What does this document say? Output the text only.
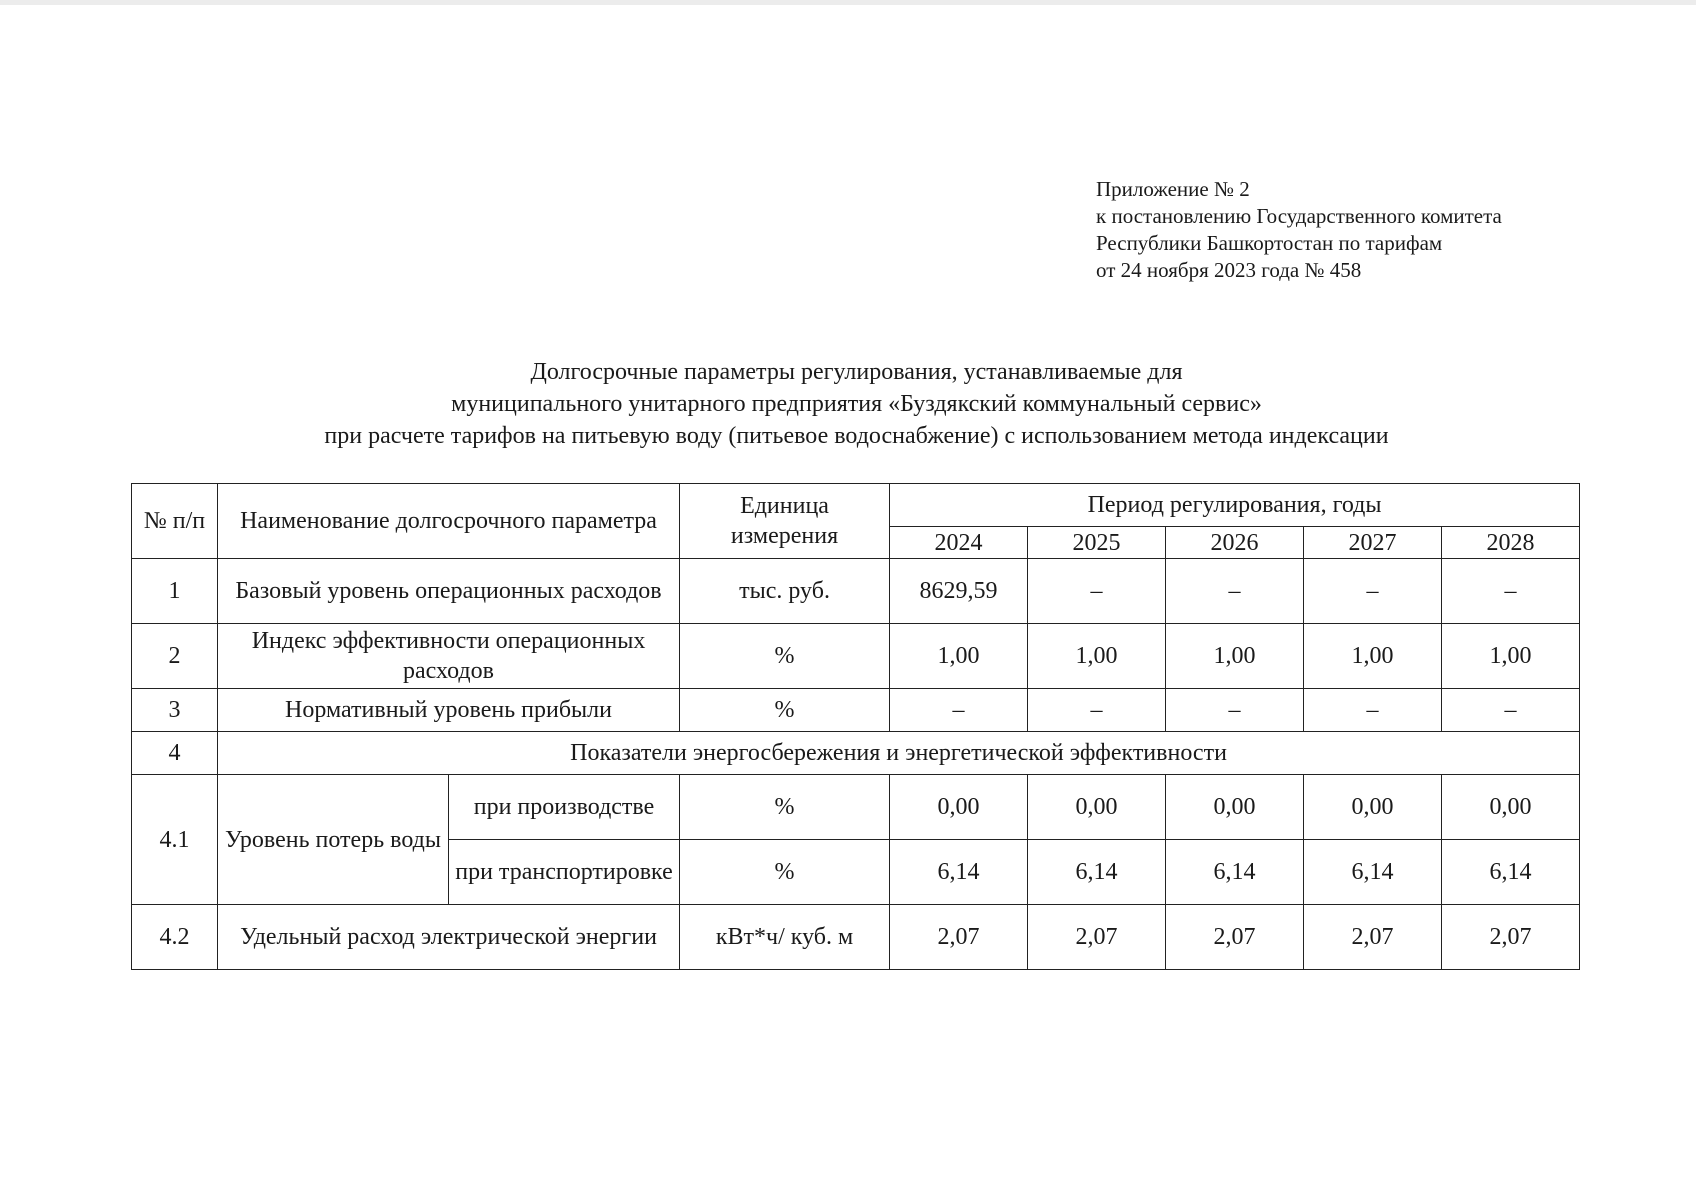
Приложение № 2
к постановлению Государственного комитета
Республики Башкортостан по тарифам
от 24 ноября 2023 года № 458
Долгосрочные параметры регулирования, устанавливаемые для
муниципального унитарного предприятия «Буздякский коммунальный сервис»
при расчете тарифов на питьевую воду (питьевое водоснабжение) с использованием метода индексации
№ п/п	Наименование долгосрочного параметра		Единица измерения	Период регулирования, годы				
				2024	2025	2026	2027	2028
1	Базовый уровень операционных расходов		тыс. руб.	8629,59	–	–	–	–
2	Индекс эффективности операционных расходов		%	1,00	1,00	1,00	1,00	1,00
3	Нормативный уровень прибыли		%	–	–	–	–	–
4	Показатели энергосбережения и энергетической эффективности							
4.1	Уровень потерь воды	при производстве	%	0,00	0,00	0,00	0,00	0,00
		при транспортировке	%	6,14	6,14	6,14	6,14	6,14
4.2	Удельный расход электрической энергии		кВт*ч/ куб. м	2,07	2,07	2,07	2,07	2,07
